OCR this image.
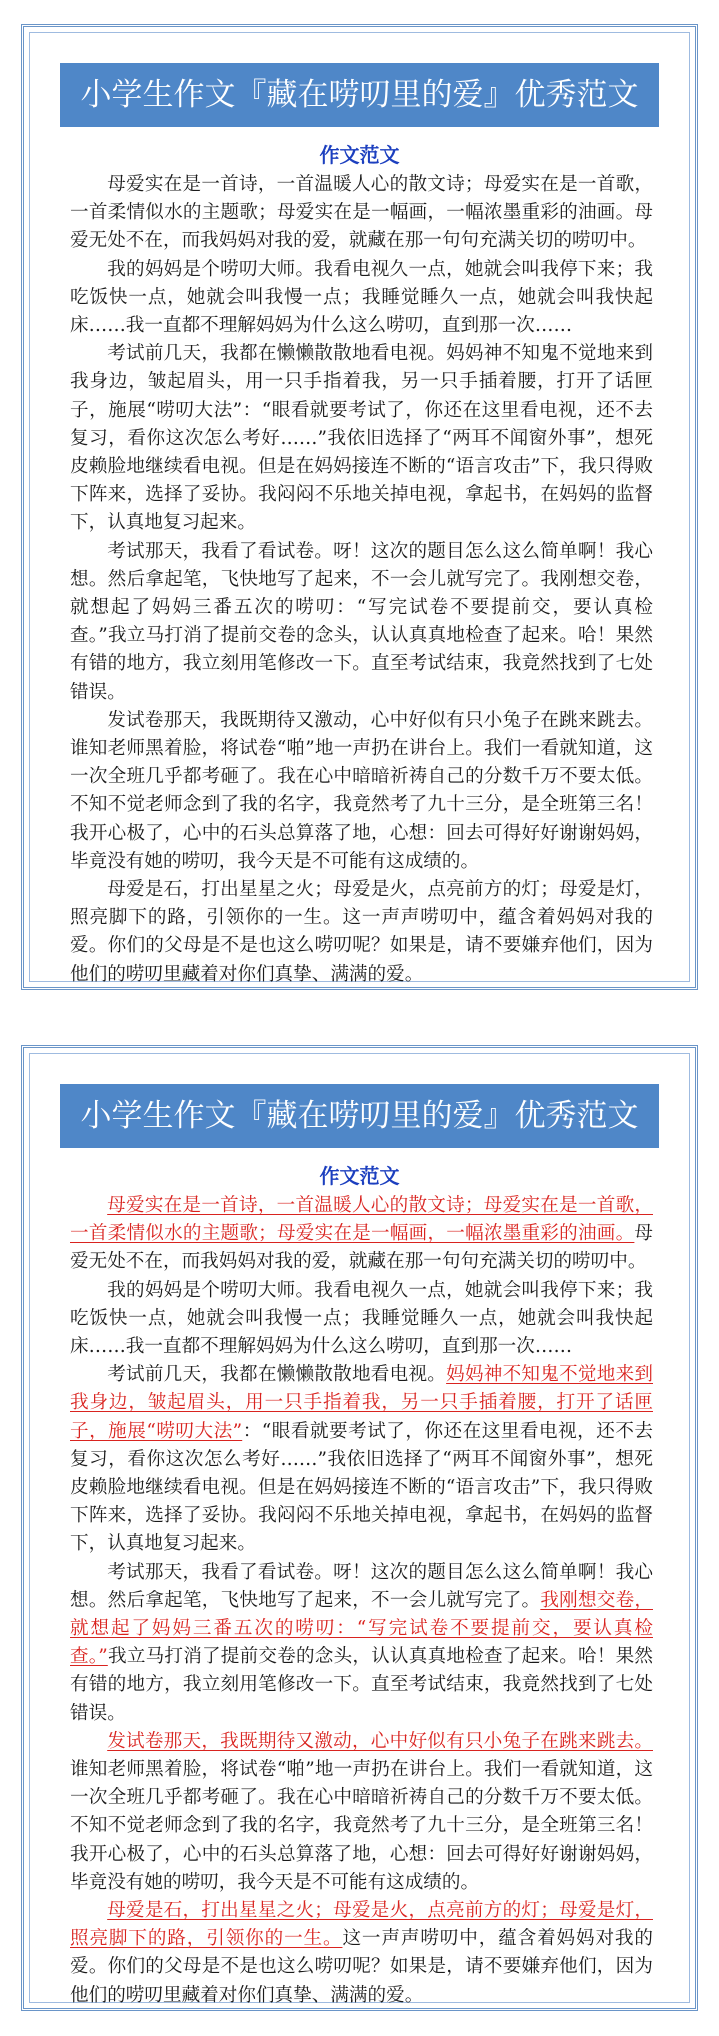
小学生作文『藏在唠叨里的爱』优秀范文
作文范文

母爱实在是一首诗，一首温暖人心的散文诗；母爱实在是一首歌，一首柔情似水的主题歌；母爱实在是一幅画，一幅浓墨重彩的油画。母爱无处不在，而我妈妈对我的爱，就藏在那一句句充满关切的唠叨中。

我的妈妈是个唠叨大师。我看电视久一点，她就会叫我停下来；我吃饭快一点，她就会叫我慢一点；我睡觉睡久一点，她就会叫我快起床……我一直都不理解妈妈为什么这么唠叨，直到那一次……

考试前几天，我都在懒懒散散地看电视。妈妈神不知鬼不觉地来到我身边，皱起眉头，用一只手指着我，另一只手插着腰，打开了话匣子，施展“唠叨大法”：“眼看就要考试了，你还在这里看电视，还不去复习，看你这次怎么考好……”我依旧选择了“两耳不闻窗外事”，想死皮赖脸地继续看电视。但是在妈妈接连不断的“语言攻击”下，我只得败下阵来，选择了妥协。我闷闷不乐地关掉电视，拿起书，在妈妈的监督下，认真地复习起来。

考试那天，我看了看试卷。呀！这次的题目怎么这么简单啊！我心想。然后拿起笔，飞快地写了起来，不一会儿就写完了。我刚想交卷，就想起了妈妈三番五次的唠叨：“写完试卷不要提前交，要认真检查。”我立马打消了提前交卷的念头，认认真真地检查了起来。哈！果然有错的地方，我立刻用笔修改一下。直至考试结束，我竟然找到了七处错误。

发试卷那天，我既期待又激动，心中好似有只小兔子在跳来跳去。谁知老师黑着脸，将试卷“啪”地一声扔在讲台上。我们一看就知道，这一次全班几乎都考砸了。我在心中暗暗祈祷自己的分数千万不要太低。不知不觉老师念到了我的名字，我竟然考了九十三分，是全班第三名！我开心极了，心中的石头总算落了地，心想：回去可得好好谢谢妈妈，毕竟没有她的唠叨，我今天是不可能有这成绩的。

母爱是石，打出星星之火；母爱是火，点亮前方的灯；母爱是灯，照亮脚下的路，引领你的一生。这一声声唠叨中，蕴含着妈妈对我的爱。你们的父母是不是也这么唠叨呢？如果是，请不要嫌弃他们，因为他们的唠叨里藏着对你们真挚、满满的爱。

小学生作文『藏在唠叨里的爱』优秀范文
作文范文

母爱实在是一首诗，一首温暖人心的散文诗；母爱实在是一首歌，一首柔情似水的主题歌；母爱实在是一幅画，一幅浓墨重彩的油画。母爱无处不在，而我妈妈对我的爱，就藏在那一句句充满关切的唠叨中。

我的妈妈是个唠叨大师。我看电视久一点，她就会叫我停下来；我吃饭快一点，她就会叫我慢一点；我睡觉睡久一点，她就会叫我快起床……我一直都不理解妈妈为什么这么唠叨，直到那一次……

考试前几天，我都在懒懒散散地看电视。妈妈神不知鬼不觉地来到我身边，皱起眉头，用一只手指着我，另一只手插着腰，打开了话匣子，施展“唠叨大法”：“眼看就要考试了，你还在这里看电视，还不去复习，看你这次怎么考好……”我依旧选择了“两耳不闻窗外事”，想死皮赖脸地继续看电视。但是在妈妈接连不断的“语言攻击”下，我只得败下阵来，选择了妥协。我闷闷不乐地关掉电视，拿起书，在妈妈的监督下，认真地复习起来。

考试那天，我看了看试卷。呀！这次的题目怎么这么简单啊！我心想。然后拿起笔，飞快地写了起来，不一会儿就写完了。我刚想交卷，就想起了妈妈三番五次的唠叨：“写完试卷不要提前交，要认真检查。”我立马打消了提前交卷的念头，认认真真地检查了起来。哈！果然有错的地方，我立刻用笔修改一下。直至考试结束，我竟然找到了七处错误。

发试卷那天，我既期待又激动，心中好似有只小兔子在跳来跳去。谁知老师黑着脸，将试卷“啪”地一声扔在讲台上。我们一看就知道，这一次全班几乎都考砸了。我在心中暗暗祈祷自己的分数千万不要太低。不知不觉老师念到了我的名字，我竟然考了九十三分，是全班第三名！我开心极了，心中的石头总算落了地，心想：回去可得好好谢谢妈妈，毕竟没有她的唠叨，我今天是不可能有这成绩的。

母爱是石，打出星星之火；母爱是火，点亮前方的灯；母爱是灯，照亮脚下的路，引领你的一生。这一声声唠叨中，蕴含着妈妈对我的爱。你们的父母是不是也这么唠叨呢？如果是，请不要嫌弃他们，因为他们的唠叨里藏着对你们真挚、满满的爱。
